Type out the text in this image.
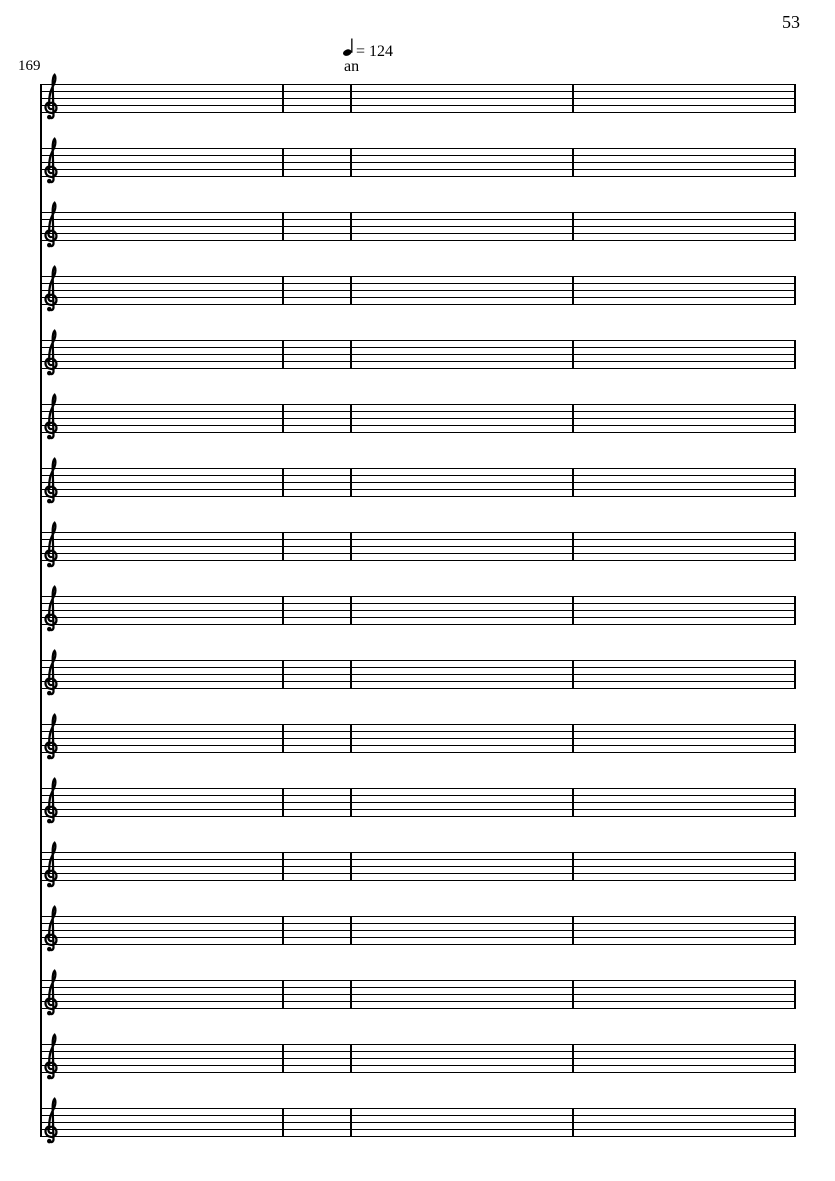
53
169
= 124
an
